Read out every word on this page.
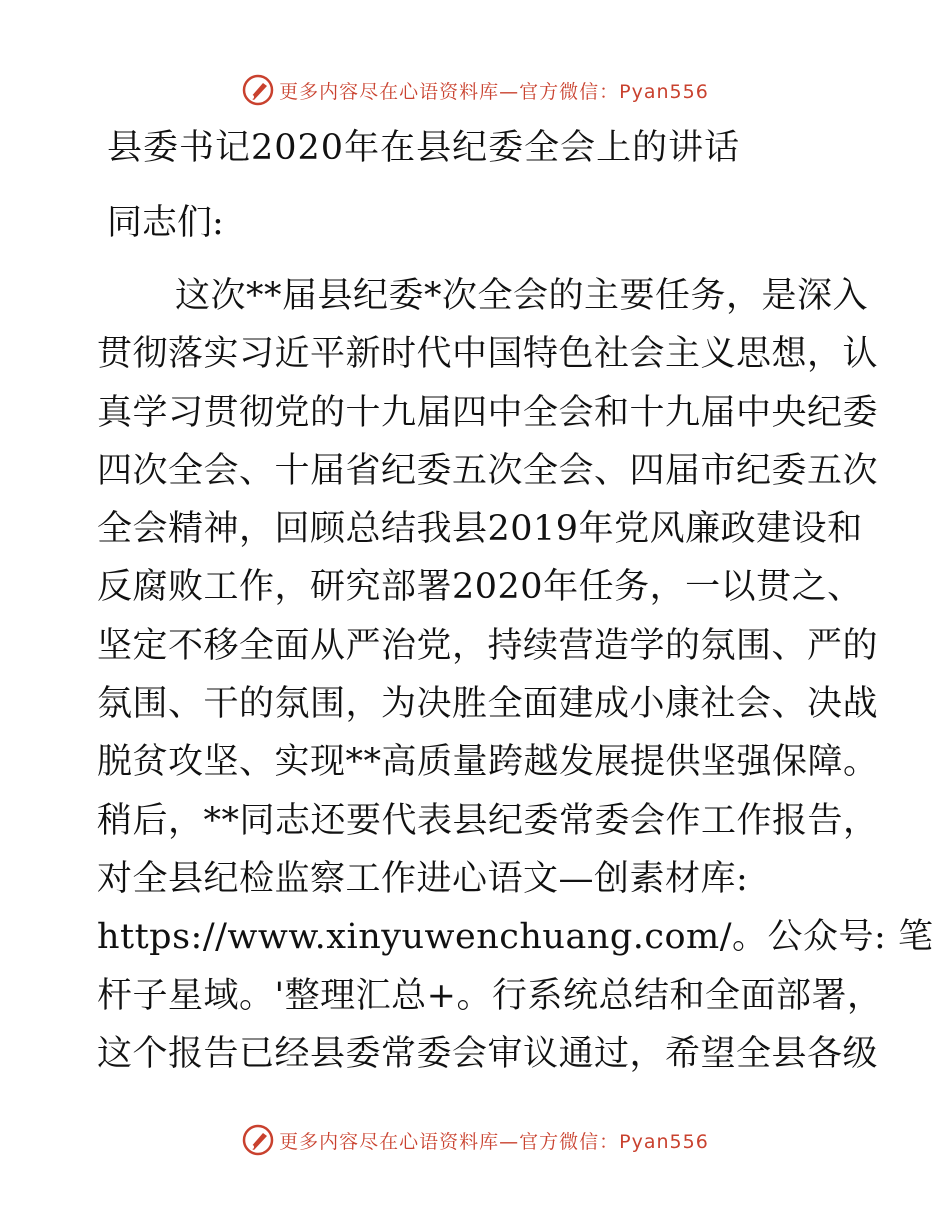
更多内容尽在心语资料库—官方微信：Pyan556
县委书记2020年在县纪委全会上的讲话
同志们:
这次**届县纪委*次全会的主要任务，是深入
贯彻落实习近平新时代中国特色社会主义思想，认
真学习贯彻党的十九届四中全会和十九届中央纪委
四次全会、十届省纪委五次全会、四届市纪委五次
全会精神，回顾总结我县2019年党风廉政建设和
反腐败工作，研究部署2020年任务，一以贯之、
坚定不移全面从严治党，持续营造学的氛围、严的
氛围、干的氛围，为决胜全面建成小康社会、决战
脱贫攻坚、实现**高质量跨越发展提供坚强保障。
稍后，**同志还要代表县纪委常委会作工作报告，
对全县纪检监察工作进心语文—创素材库:
https://www.xinyuwenchuang.com/。公众号: 笔
杆子星域。'整理汇总+。行系统总结和全面部署，
这个报告已经县委常委会审议通过，希望全县各级
更多内容尽在心语资料库—官方微信：Pyan556
